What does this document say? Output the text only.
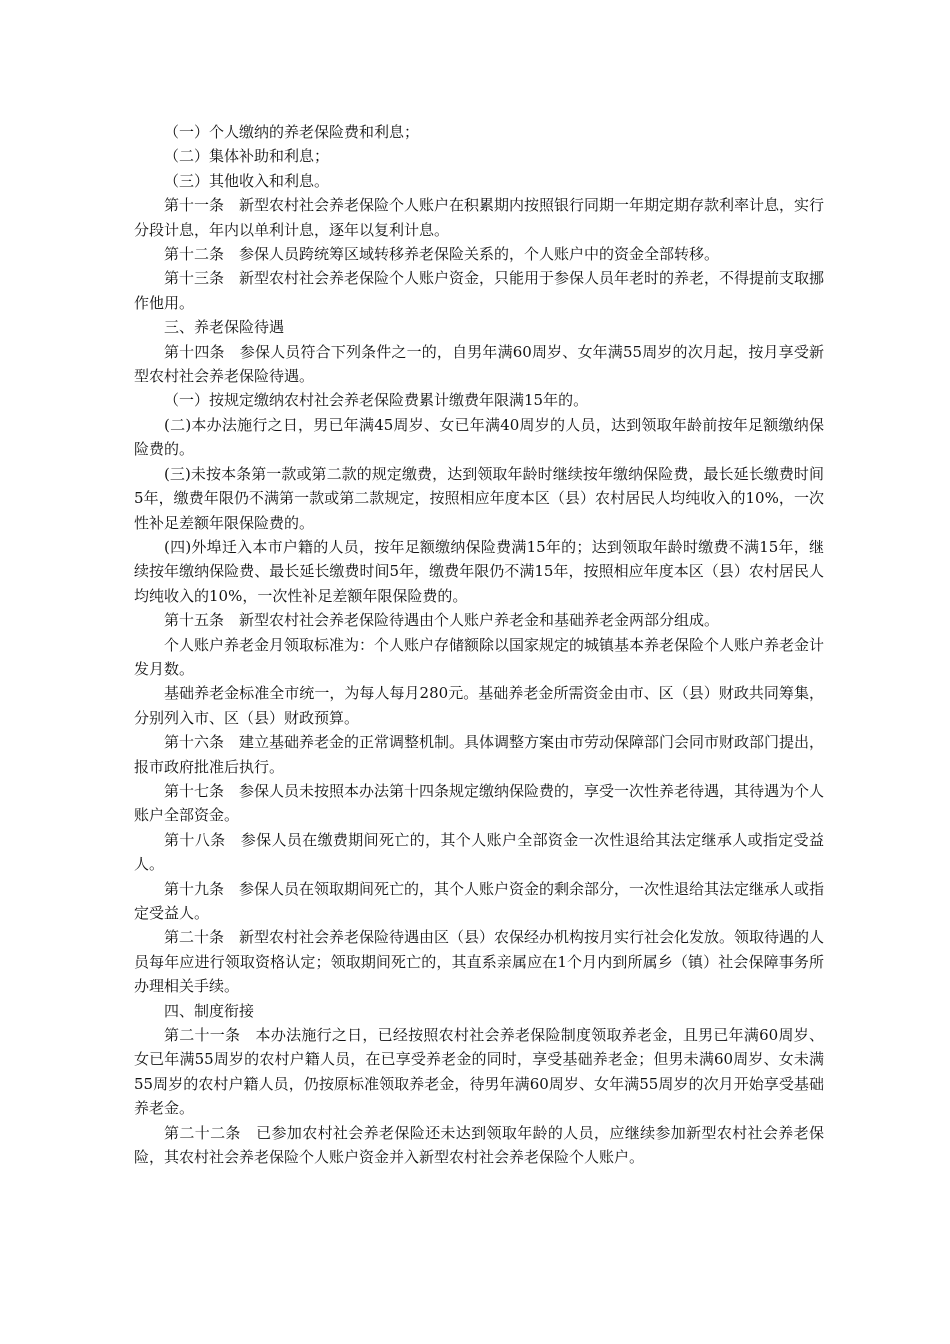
（一）个人缴纳的养老保险费和利息；

（二）集体补助和利息；

（三）其他收入和利息。

第十一条　新型农村社会养老保险个人账户在积累期内按照银行同期一年期定期存款利率计息，实行分段计息，年内以单利计息，逐年以复利计息。

第十二条　参保人员跨统筹区域转移养老保险关系的，个人账户中的资金全部转移。

第十三条　新型农村社会养老保险个人账户资金，只能用于参保人员年老时的养老，不得提前支取挪作他用。

三、养老保险待遇

第十四条　参保人员符合下列条件之一的，自男年满60周岁、女年满55周岁的次月起，按月享受新型农村社会养老保险待遇。

（一）按规定缴纳农村社会养老保险费累计缴费年限满15年的。

(二)本办法施行之日，男已年满45周岁、女已年满40周岁的人员，达到领取年龄前按年足额缴纳保险费的。

(三)未按本条第一款或第二款的规定缴费，达到领取年龄时继续按年缴纳保险费，最长延长缴费时间5年，缴费年限仍不满第一款或第二款规定，按照相应年度本区（县）农村居民人均纯收入的10%，一次性补足差额年限保险费的。

(四)外埠迁入本市户籍的人员，按年足额缴纳保险费满15年的；达到领取年龄时缴费不满15年，继续按年缴纳保险费、最长延长缴费时间5年，缴费年限仍不满15年，按照相应年度本区（县）农村居民人均纯收入的10%，一次性补足差额年限保险费的。

第十五条　新型农村社会养老保险待遇由个人账户养老金和基础养老金两部分组成。

个人账户养老金月领取标准为：个人账户存储额除以国家规定的城镇基本养老保险个人账户养老金计发月数。

基础养老金标准全市统一，为每人每月280元。基础养老金所需资金由市、区（县）财政共同筹集，分别列入市、区（县）财政预算。

第十六条　建立基础养老金的正常调整机制。具体调整方案由市劳动保障部门会同市财政部门提出，报市政府批准后执行。

第十七条　参保人员未按照本办法第十四条规定缴纳保险费的，享受一次性养老待遇，其待遇为个人账户全部资金。

第十八条　参保人员在缴费期间死亡的，其个人账户全部资金一次性退给其法定继承人或指定受益人。

第十九条　参保人员在领取期间死亡的，其个人账户资金的剩余部分，一次性退给其法定继承人或指定受益人。

第二十条　新型农村社会养老保险待遇由区（县）农保经办机构按月实行社会化发放。领取待遇的人员每年应进行领取资格认定；领取期间死亡的，其直系亲属应在1个月内到所属乡（镇）社会保障事务所办理相关手续。

四、制度衔接

第二十一条　本办法施行之日，已经按照农村社会养老保险制度领取养老金，且男已年满60周岁、女已年满55周岁的农村户籍人员，在已享受养老金的同时，享受基础养老金；但男未满60周岁、女未满55周岁的农村户籍人员，仍按原标准领取养老金，待男年满60周岁、女年满55周岁的次月开始享受基础养老金。

第二十二条　已参加农村社会养老保险还未达到领取年龄的人员，应继续参加新型农村社会养老保险，其农村社会养老保险个人账户资金并入新型农村社会养老保险个人账户。
